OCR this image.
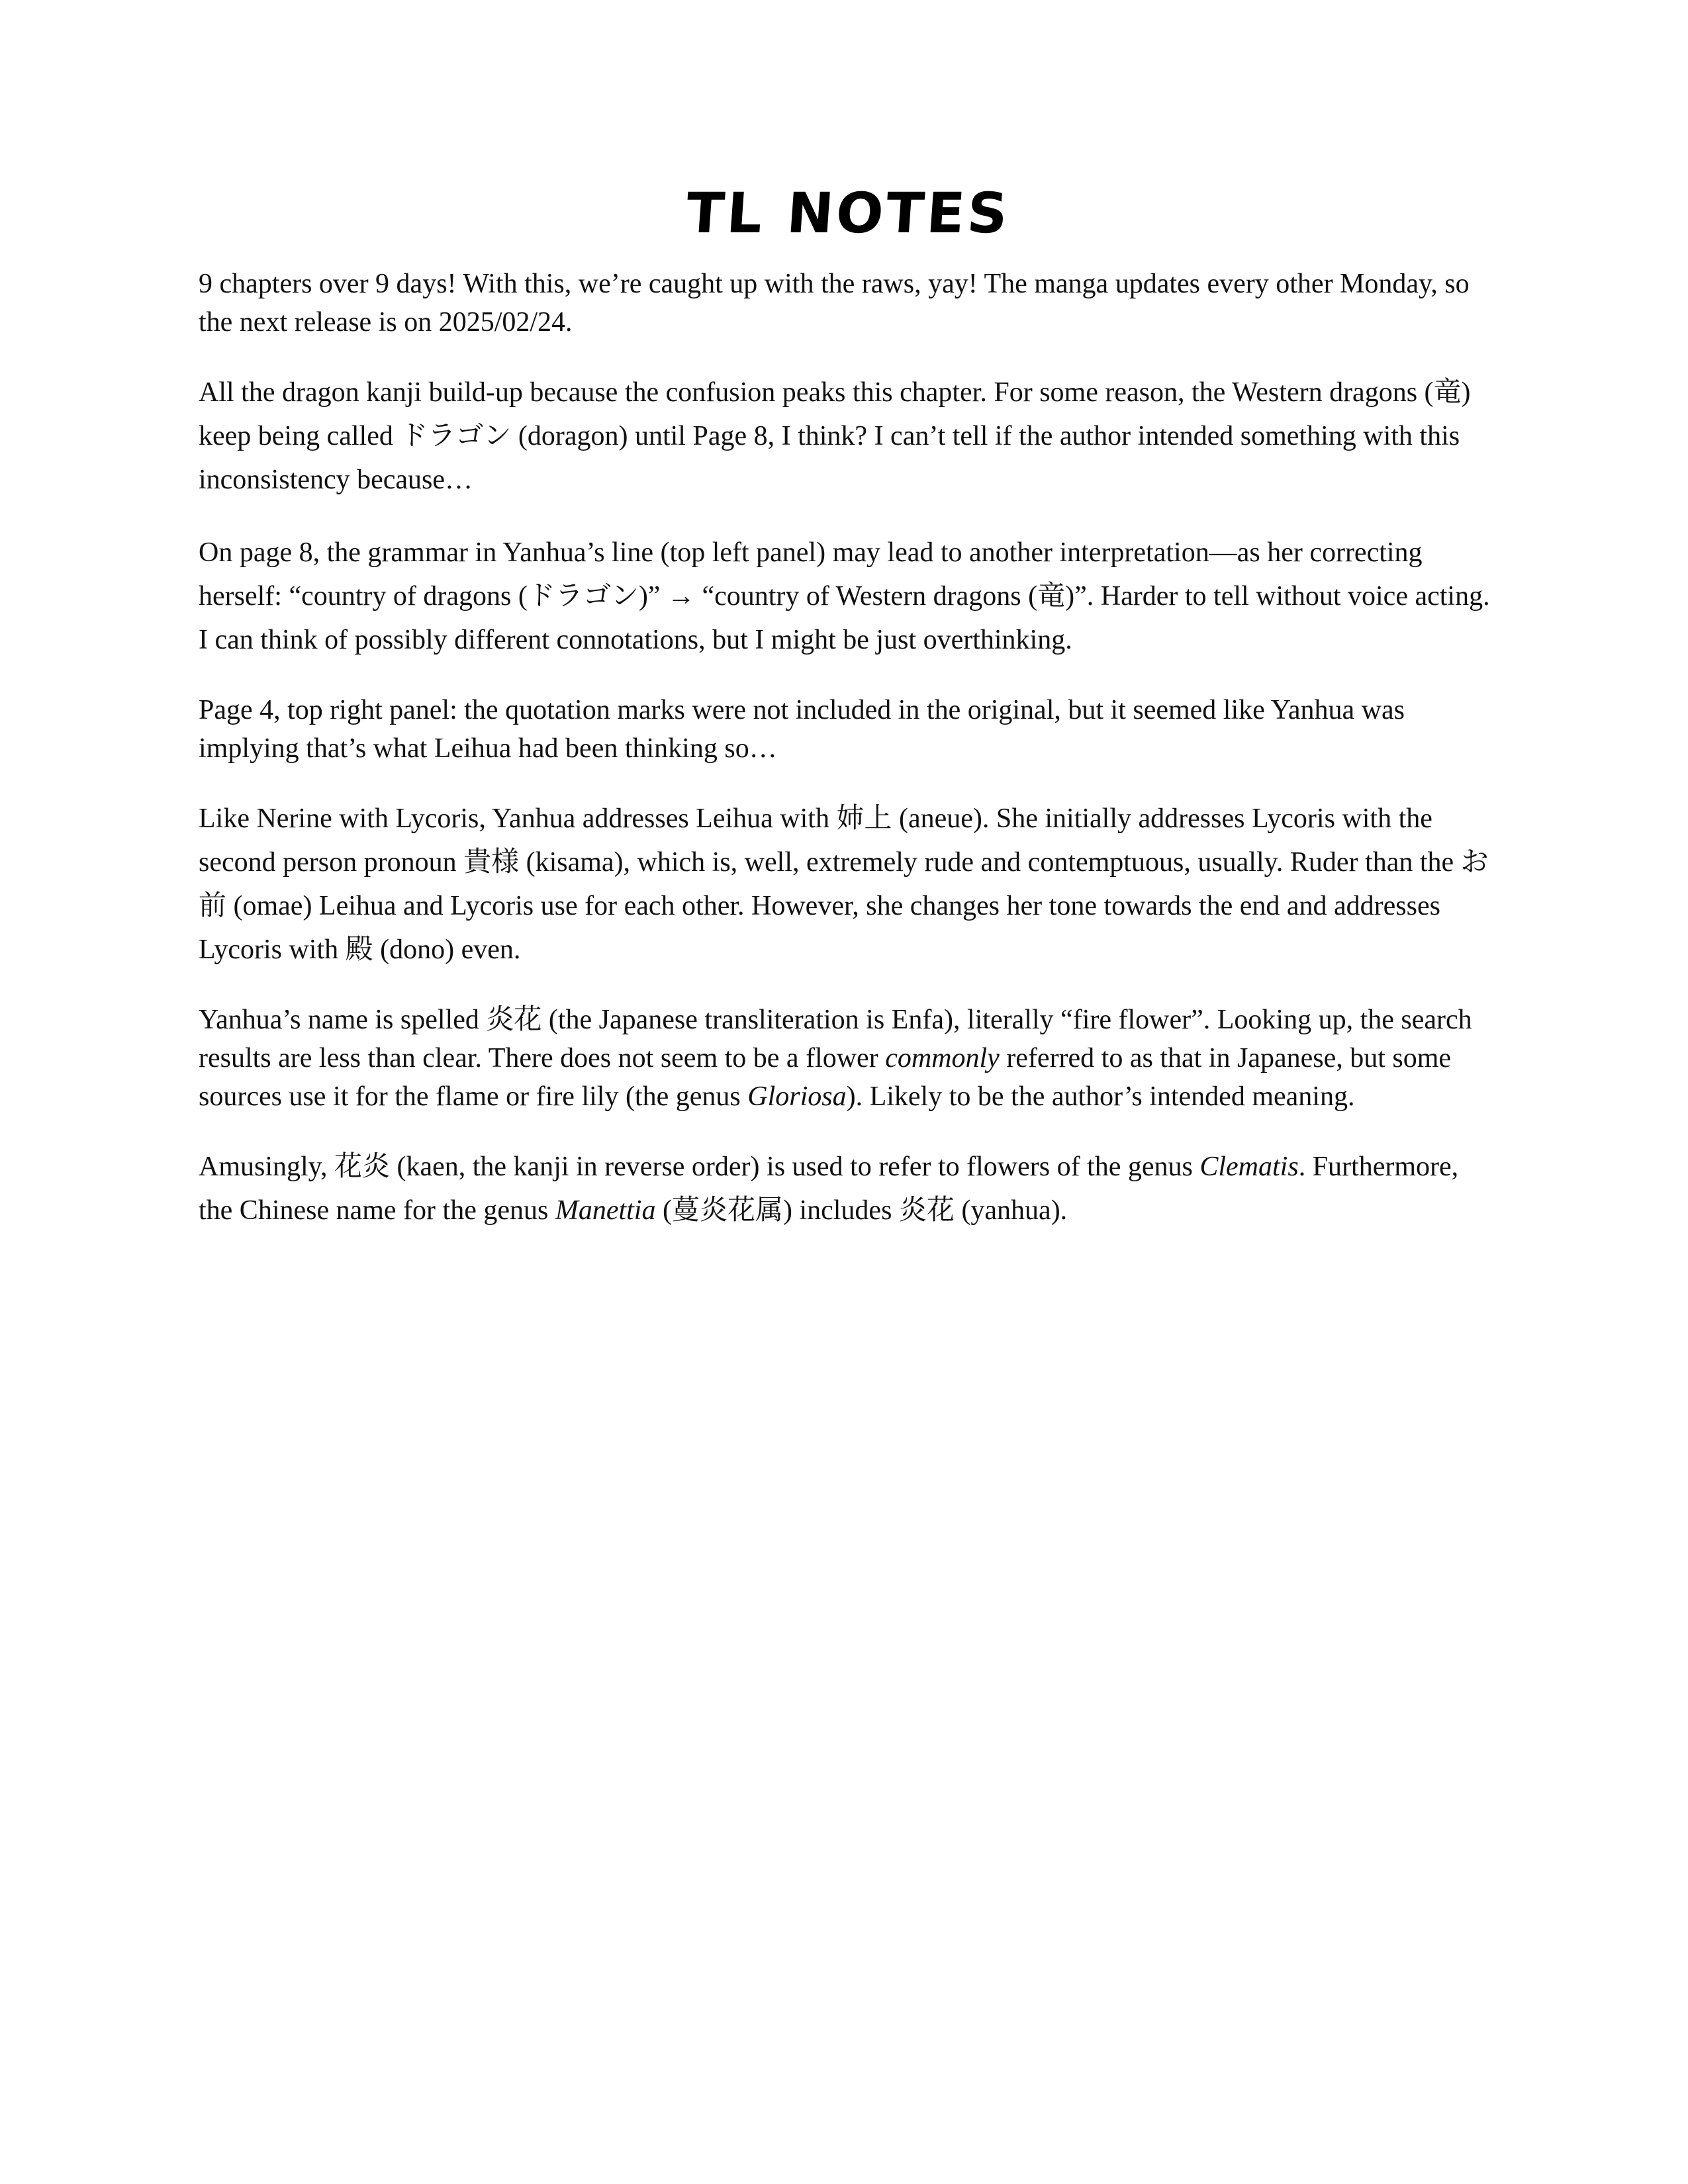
TL NOTES

9 chapters over 9 days! With this, we’re caught up with the raws, yay! The manga updates every other Monday, so the next release is on 2025/02/24.

All the dragon kanji build-up because the confusion peaks this chapter. For some reason, the Western dragons (竜) keep being called ドラゴン (doragon) until Page 8, I think? I can’t tell if the author intended something with this inconsistency because…

On page 8, the grammar in Yanhua’s line (top left panel) may lead to another interpretation—as her correcting herself: “country of dragons (ドラゴン)” → “country of Western dragons (竜)”. Harder to tell without voice acting. I can think of possibly different connotations, but I might be just overthinking.

Page 4, top right panel: the quotation marks were not included in the original, but it seemed like Yanhua was implying that’s what Leihua had been thinking so…

Like Nerine with Lycoris, Yanhua addresses Leihua with 姉上 (aneue). She initially addresses Lycoris with the second person pronoun 貴様 (kisama), which is, well, extremely rude and contemptuous, usually. Ruder than the お前 (omae) Leihua and Lycoris use for each other. However, she changes her tone towards the end and addresses Lycoris with 殿 (dono) even.

Yanhua’s name is spelled 炎花 (the Japanese transliteration is Enfa), literally “fire flower”. Looking up, the search results are less than clear. There does not seem to be a flower commonly referred to as that in Japanese, but some sources use it for the flame or fire lily (the genus Gloriosa). Likely to be the author’s intended meaning.

Amusingly, 花炎 (kaen, the kanji in reverse order) is used to refer to flowers of the genus Clematis. Furthermore, the Chinese name for the genus Manettia (蔓炎花属) includes 炎花 (yanhua).
